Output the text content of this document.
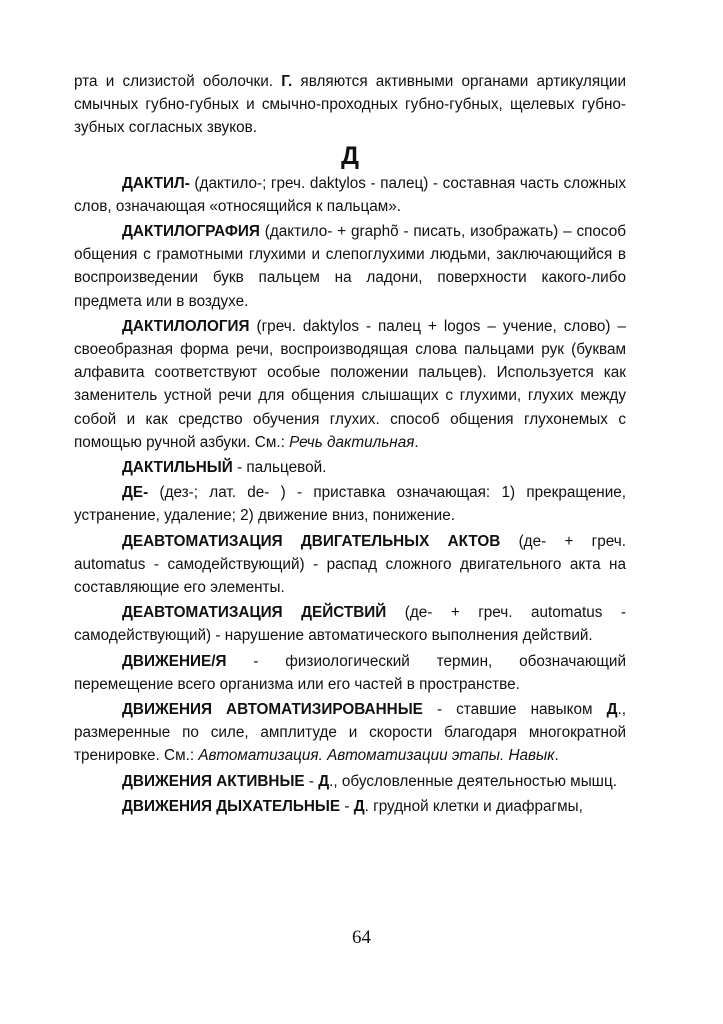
рта и слизистой оболочки. Г. являются активными органами артикуляции смычных губно-губных и смычно-проходных губно-губных, щелевых губно-зубных согласных звуков.

Д

ДАКТИЛ- (дактило-; греч. daktylos - палец) - составная часть сложных слов, означающая «относящийся к пальцам».

ДАКТИЛОГРАФИЯ (дактило- + graphõ - писать, изображать) – способ общения с грамотными глухими и слепоглухими людьми, заключающийся в воспроизведении букв пальцем на ладони, поверхности какого-либо предмета или в воздухе.

ДАКТИЛОЛОГИЯ (греч. daktylos - палец + logos – учение, слово) – своеобразная форма речи, воспроизводящая слова пальцами рук (буквам алфавита соответствуют особые положении пальцев). Используется как заменитель устной речи для общения слышащих с глухими, глухих между собой и как средство обучения глухих. способ общения глухонемых с помощью ручной азбуки. См.: Речь дактильная.

ДАКТИЛЬНЫЙ - пальцевой.

ДЕ- (дез-; лат. de- ) - приставка означающая: 1) прекращение, устранение, удаление; 2) движение вниз, понижение.

ДЕАВТОМАТИЗАЦИЯ ДВИГАТЕЛЬНЫХ АКТОВ (де- + греч. automatus - самодействующий) - распад сложного двигательного акта на составляющие его элементы.

ДЕАВТОМАТИЗАЦИЯ ДЕЙСТВИЙ (де- + греч. automatus - самодействующий) - нарушение автоматического выполнения действий.

ДВИЖЕНИЕ/Я - физиологический термин, обозначающий перемещение всего организма или его частей в пространстве.

ДВИЖЕНИЯ АВТОМАТИЗИРОВАННЫЕ - ставшие навыком Д., размеренные по силе, амплитуде и скорости благодаря многократной тренировке. См.: Автоматизация. Автоматизации этапы. Навык.

ДВИЖЕНИЯ АКТИВНЫЕ - Д., обусловленные деятельностью мышц.

ДВИЖЕНИЯ ДЫХАТЕЛЬНЫЕ - Д. грудной клетки и диафрагмы,

64
